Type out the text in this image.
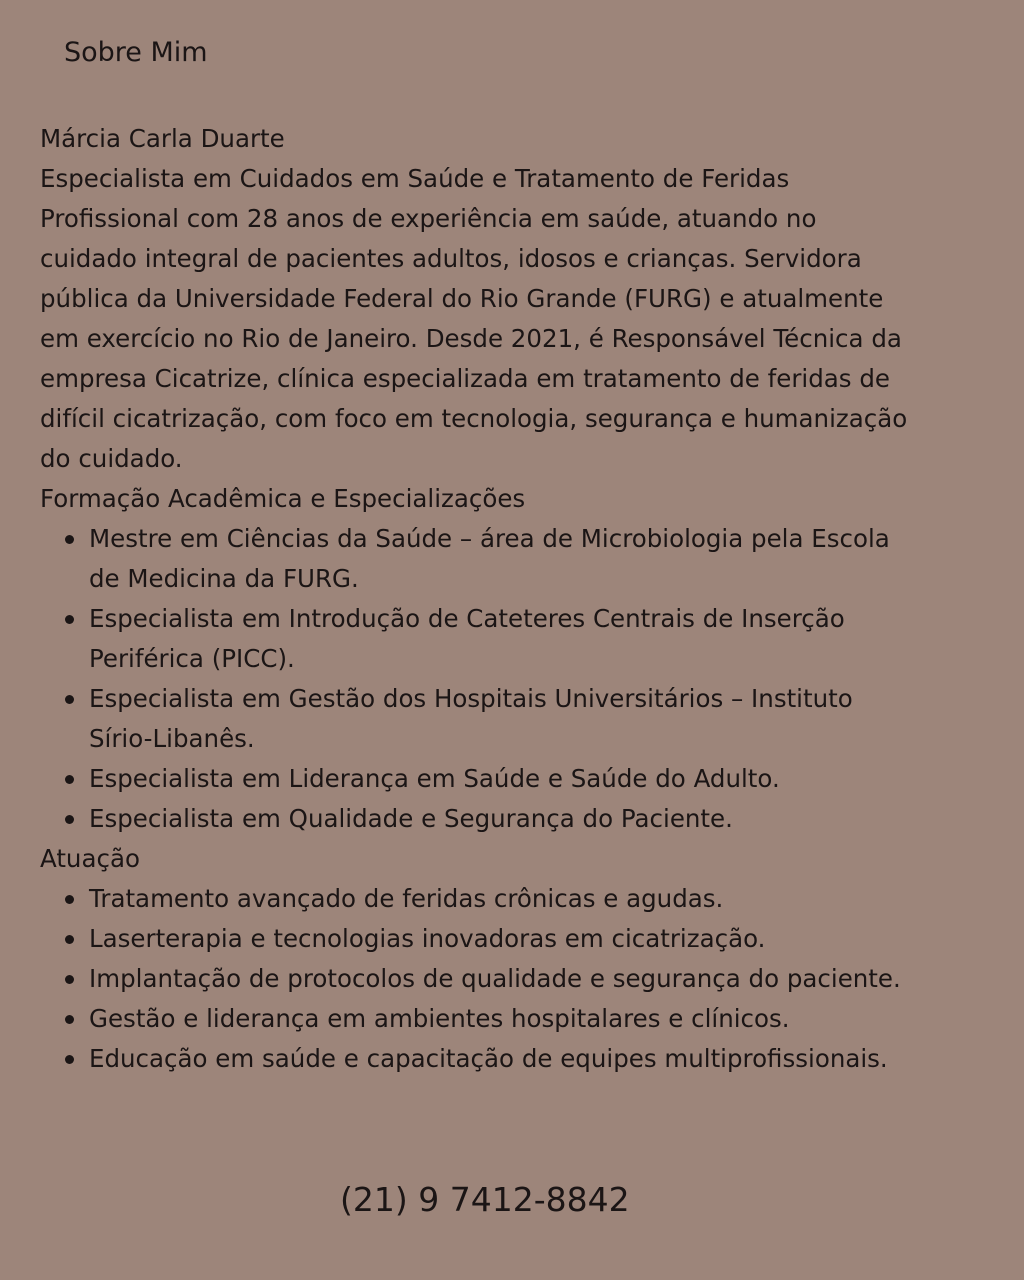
Sobre Mim
Márcia Carla Duarte
Especialista em Cuidados em Saúde e Tratamento de Feridas
Profissional com 28 anos de experiência em saúde, atuando no
cuidado integral de pacientes adultos, idosos e crianças. Servidora
pública da Universidade Federal do Rio Grande (FURG) e atualmente
em exercício no Rio de Janeiro. Desde 2021, é Responsável Técnica da
empresa Cicatrize, clínica especializada em tratamento de feridas de
difícil cicatrização, com foco em tecnologia, segurança e humanização
do cuidado.
Formação Acadêmica e Especializações
Mestre em Ciências da Saúde – área de Microbiologia pela Escola
de Medicina da FURG.
Especialista em Introdução de Cateteres Centrais de Inserção
Periférica (PICC).
Especialista em Gestão dos Hospitais Universitários – Instituto
Sírio-Libanês.
Especialista em Liderança em Saúde e Saúde do Adulto.
Especialista em Qualidade e Segurança do Paciente.
Atuação
Tratamento avançado de feridas crônicas e agudas.
Laserterapia e tecnologias inovadoras em cicatrização.
Implantação de protocolos de qualidade e segurança do paciente.
Gestão e liderança em ambientes hospitalares e clínicos.
Educação em saúde e capacitação de equipes multiprofissionais.
(21) 9 7412-8842
